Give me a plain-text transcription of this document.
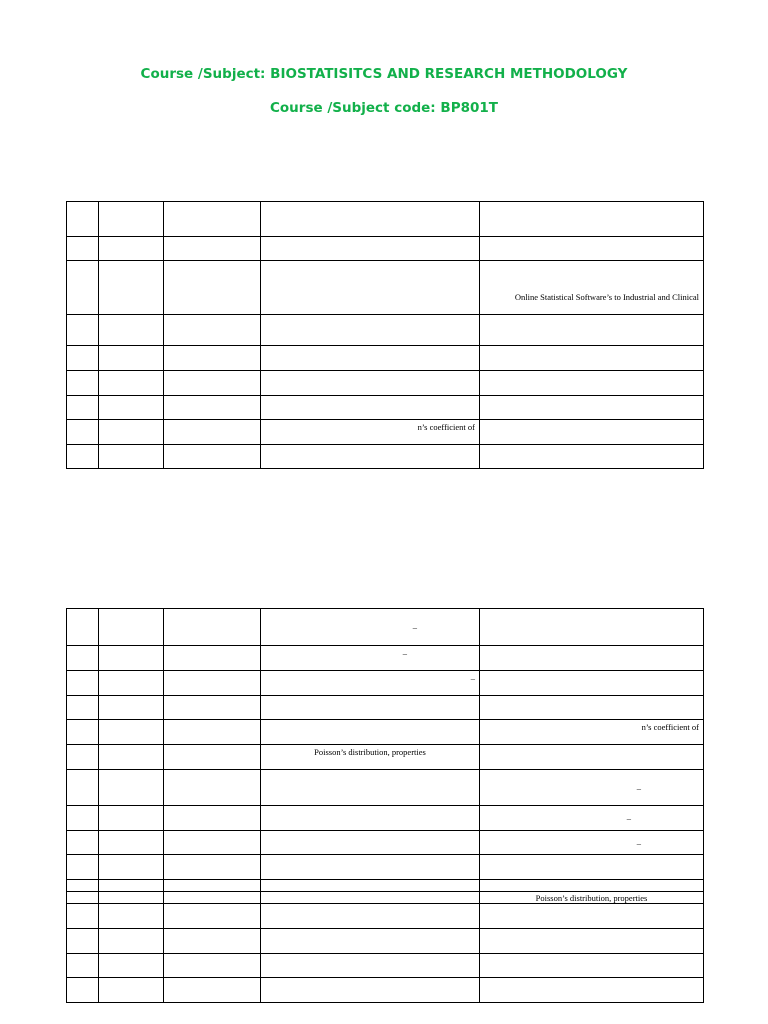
Course /Subject: BIOSTATISITCS AND RESEARCH METHODOLOGY
Course /Subject code: BP801T

				Online Statistical Software’s to Industrial and Clinical

			n’s coefficient of	

			–	
			–	
			–	

				n’s coefficient of
			Poisson’s distribution, properties	
				–
				–
				–

				Poisson’s distribution, properties
